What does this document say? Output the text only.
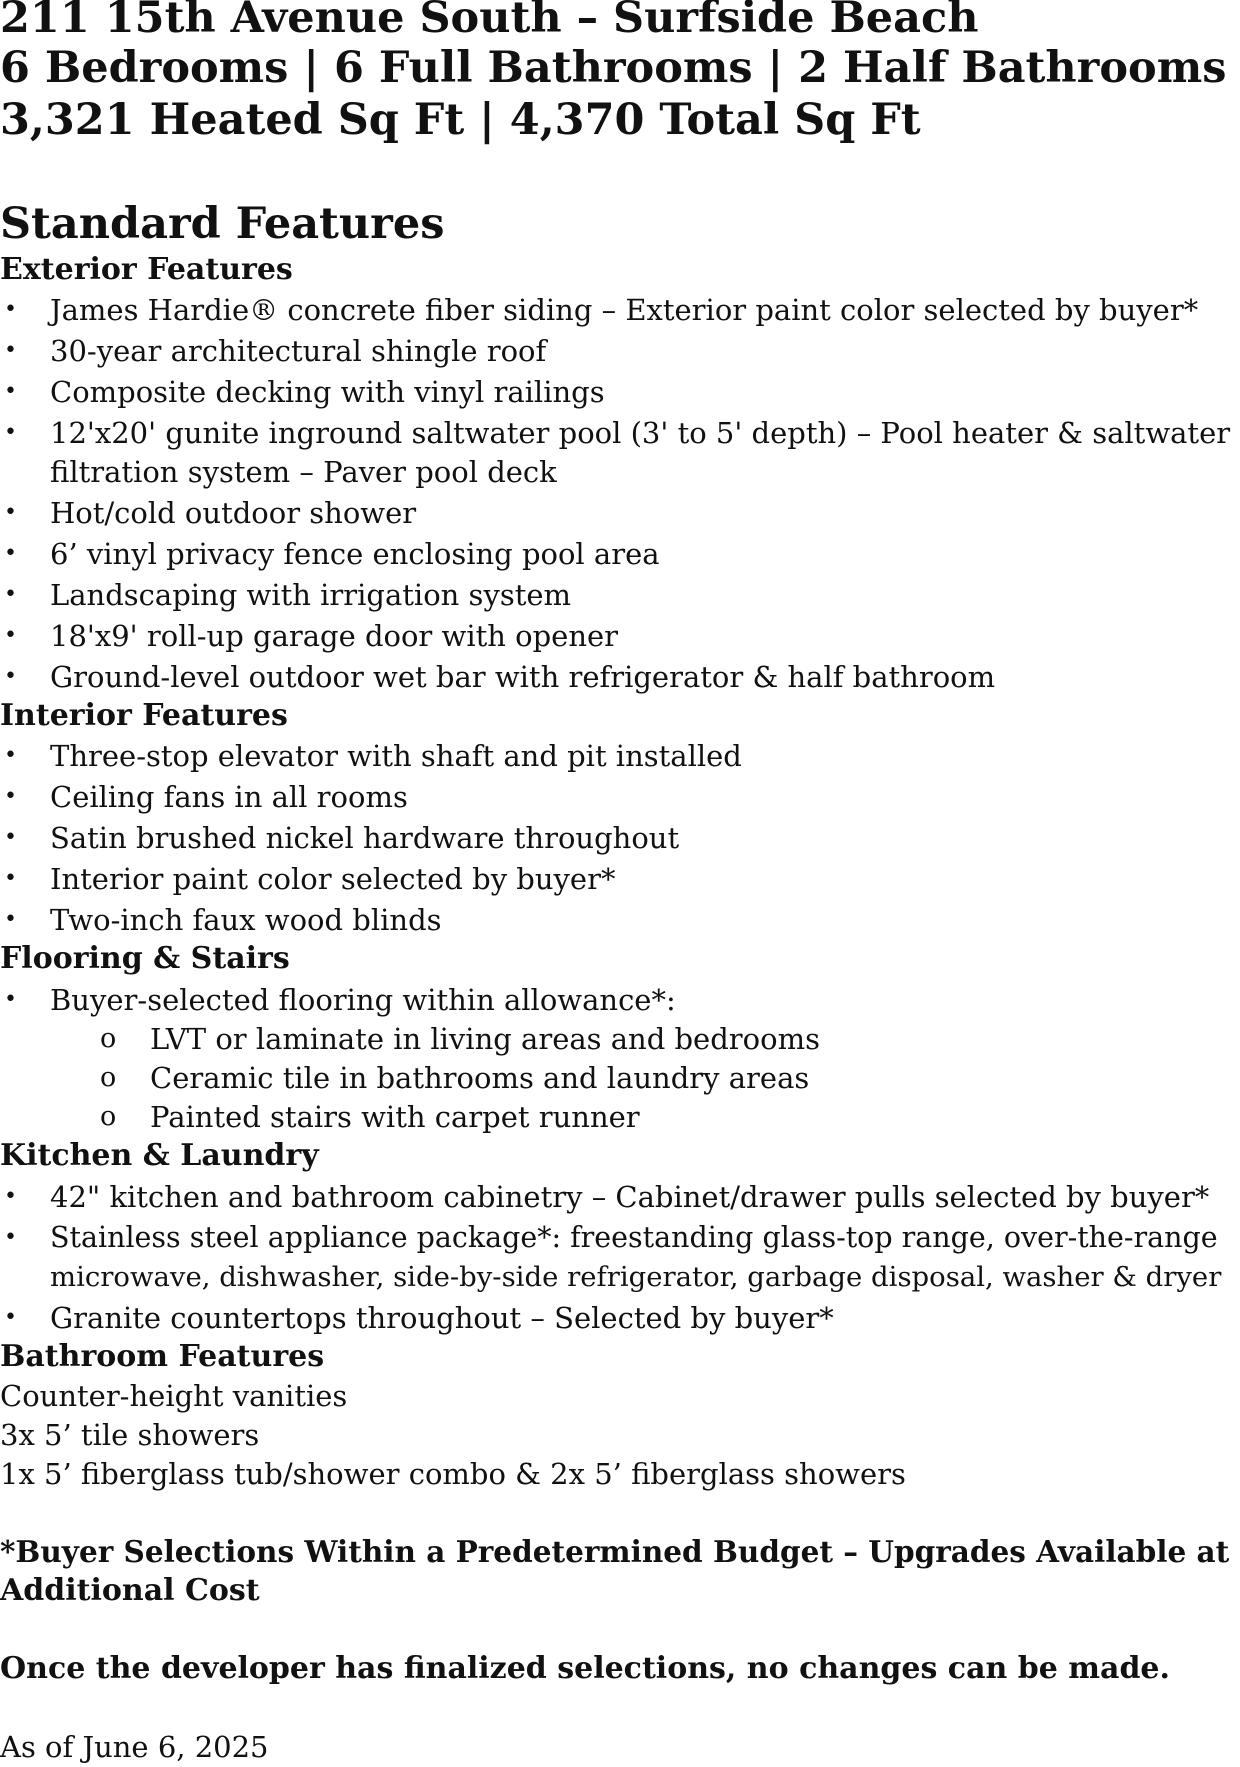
211 15th Avenue South – Surfside Beach
6 Bedrooms | 6 Full Bathrooms | 2 Half Bathrooms
3,321 Heated Sq Ft | 4,370 Total Sq Ft
Standard Features
Exterior Features
• James Hardie® concrete fiber siding – Exterior paint color selected by buyer*
• 30-year architectural shingle roof
• Composite decking with vinyl railings
• 12'x20' gunite inground saltwater pool (3' to 5' depth) – Pool heater & saltwater
filtration system – Paver pool deck
• Hot/cold outdoor shower
• 6’ vinyl privacy fence enclosing pool area
• Landscaping with irrigation system
• 18'x9' roll-up garage door with opener
• Ground-level outdoor wet bar with refrigerator & half bathroom
Interior Features
• Three-stop elevator with shaft and pit installed
• Ceiling fans in all rooms
• Satin brushed nickel hardware throughout
• Interior paint color selected by buyer*
• Two-inch faux wood blinds
Flooring & Stairs
• Buyer-selected flooring within allowance*:
o LVT or laminate in living areas and bedrooms
o Ceramic tile in bathrooms and laundry areas
o Painted stairs with carpet runner
Kitchen & Laundry
• 42" kitchen and bathroom cabinetry – Cabinet/drawer pulls selected by buyer*
• Stainless steel appliance package*: freestanding glass-top range, over-the-range
microwave, dishwasher, side-by-side refrigerator, garbage disposal, washer & dryer
• Granite countertops throughout – Selected by buyer*
Bathroom Features
Counter-height vanities
3x 5’ tile showers
1x 5’ fiberglass tub/shower combo & 2x 5’ fiberglass showers
*Buyer Selections Within a Predetermined Budget – Upgrades Available at
Additional Cost
Once the developer has finalized selections, no changes can be made.
As of June 6, 2025
